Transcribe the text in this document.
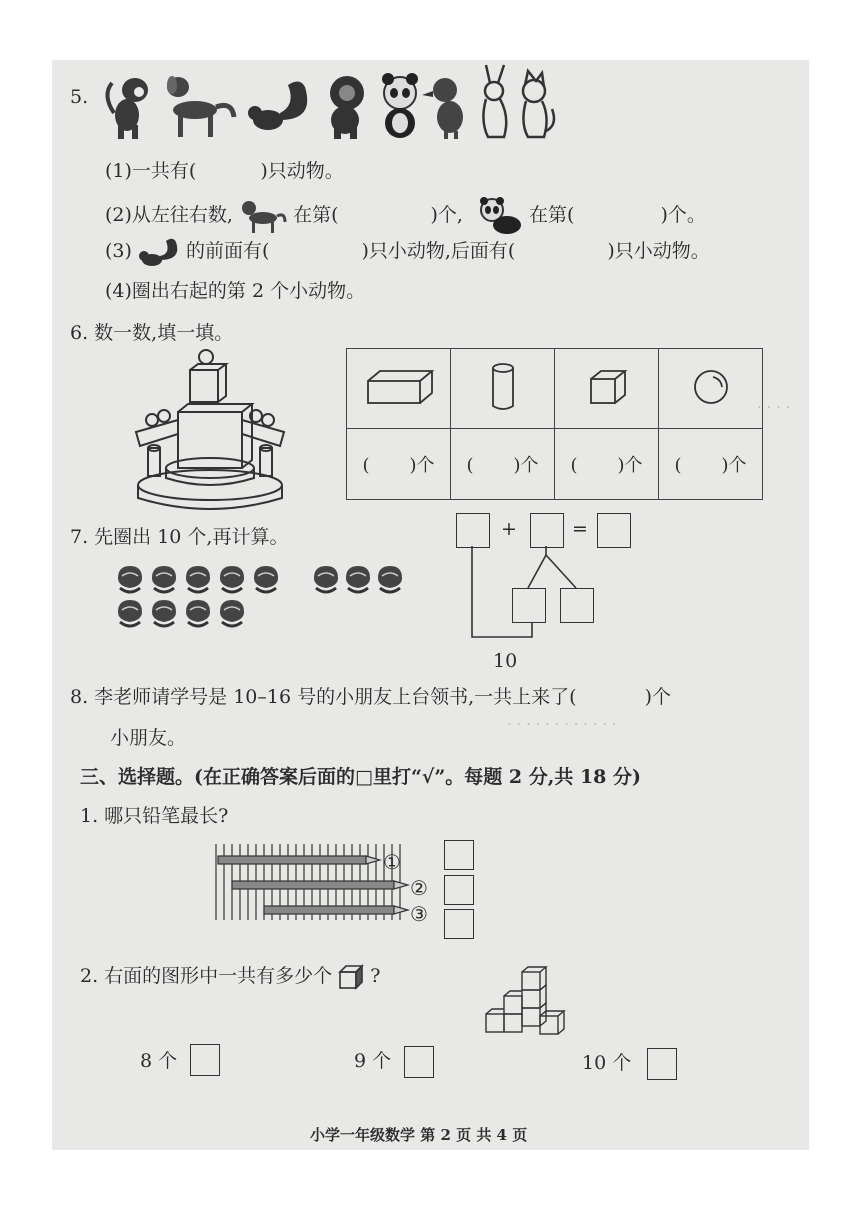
· · · ·
· · · · · · · · · · · ·
5.
(1)一共有(	)只动物。
(2)从左往右数,	在第(	)个,	在第(	)个。
(3)	的前面有(	)只小动物,后面有(	)只小动物。
(4)圈出右起的第 2 个小动物。
6. 数一数,填一填。

( )个	( )个	( )个	( )个
7. 先圈出 10 个,再计算。	+	=
10
8. 李老师请学号是 10–16 号的小朋友上台领书,一共上来了(	)个
小朋友。
三、选择题。(在正确答案后面的□里打“√”。每题 2 分,共 18 分)
1. 哪只铅笔最长?
①
②
③
2. 右面的图形中一共有多少个 ?
8 个	9 个	10 个
小学一年级数学 第 2 页 共 4 页
